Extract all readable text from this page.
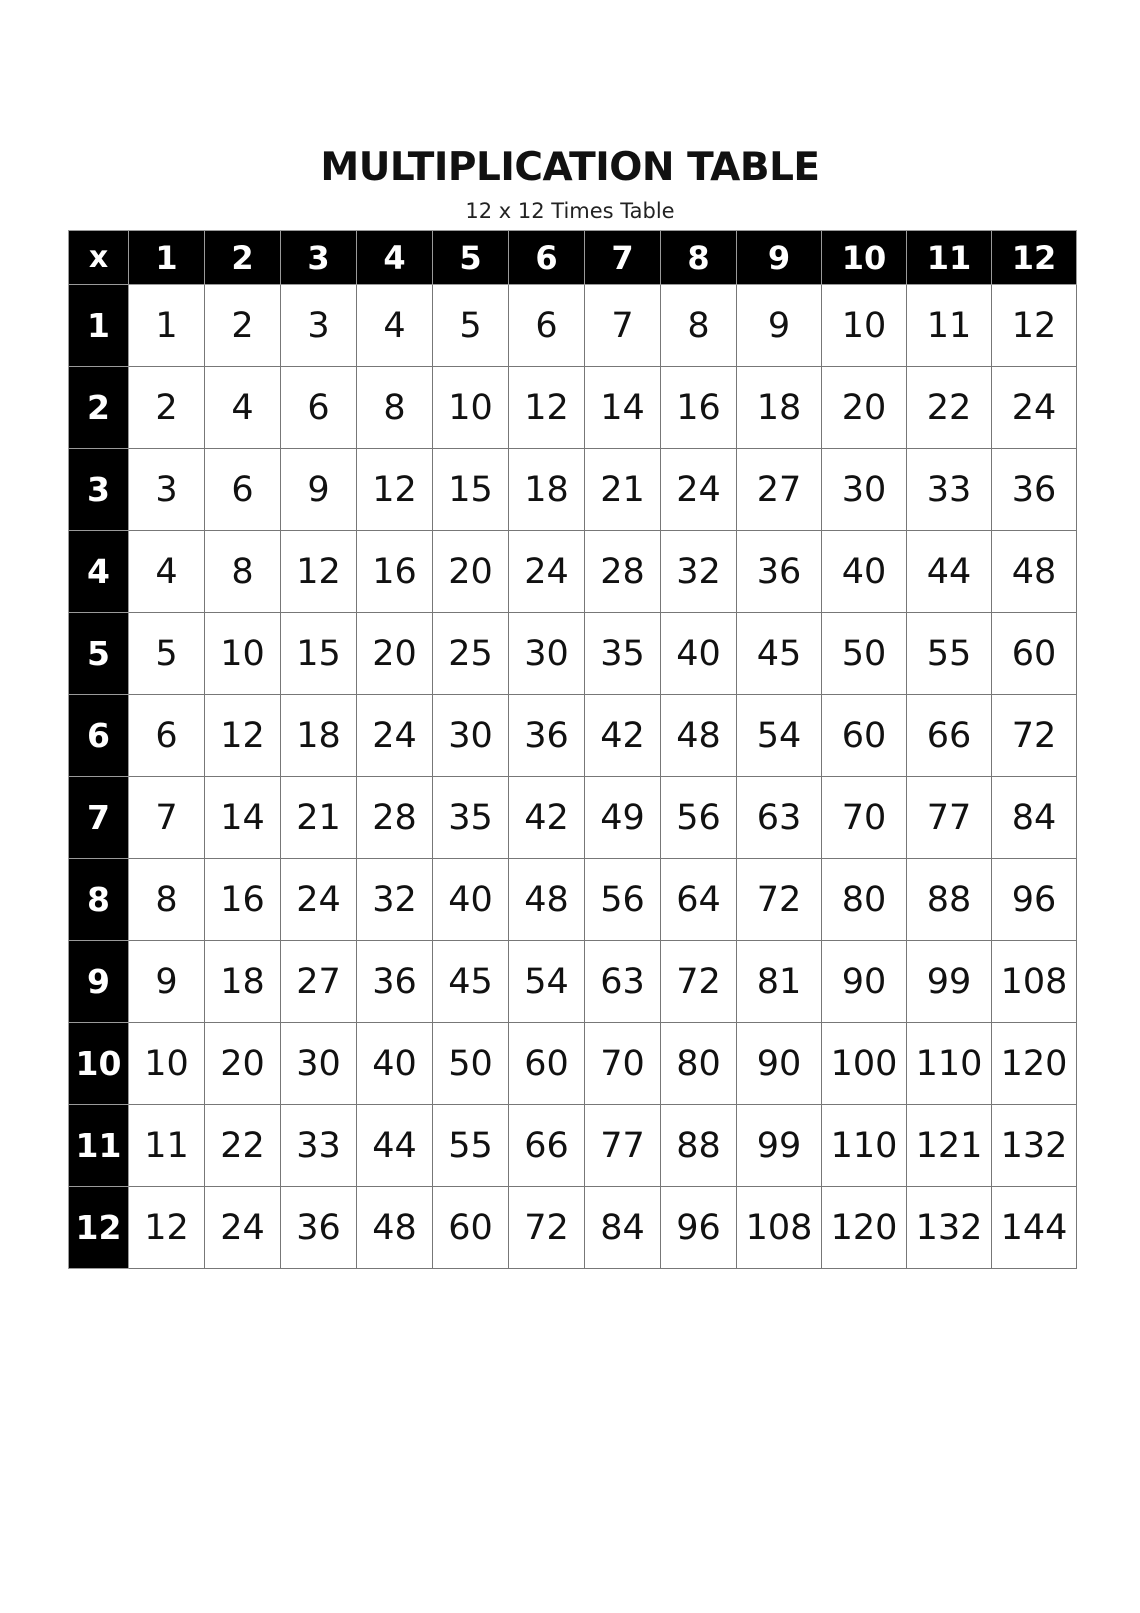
MULTIPLICATION TABLE
12 x 12 Times Table
x	1	2	3	4	5	6	7	8	9	10	11	12
1	1	2	3	4	5	6	7	8	9	10	11	12
2	2	4	6	8	10	12	14	16	18	20	22	24
3	3	6	9	12	15	18	21	24	27	30	33	36
4	4	8	12	16	20	24	28	32	36	40	44	48
5	5	10	15	20	25	30	35	40	45	50	55	60
6	6	12	18	24	30	36	42	48	54	60	66	72
7	7	14	21	28	35	42	49	56	63	70	77	84
8	8	16	24	32	40	48	56	64	72	80	88	96
9	9	18	27	36	45	54	63	72	81	90	99	108
10	10	20	30	40	50	60	70	80	90	100	110	120
11	11	22	33	44	55	66	77	88	99	110	121	132
12	12	24	36	48	60	72	84	96	108	120	132	144
